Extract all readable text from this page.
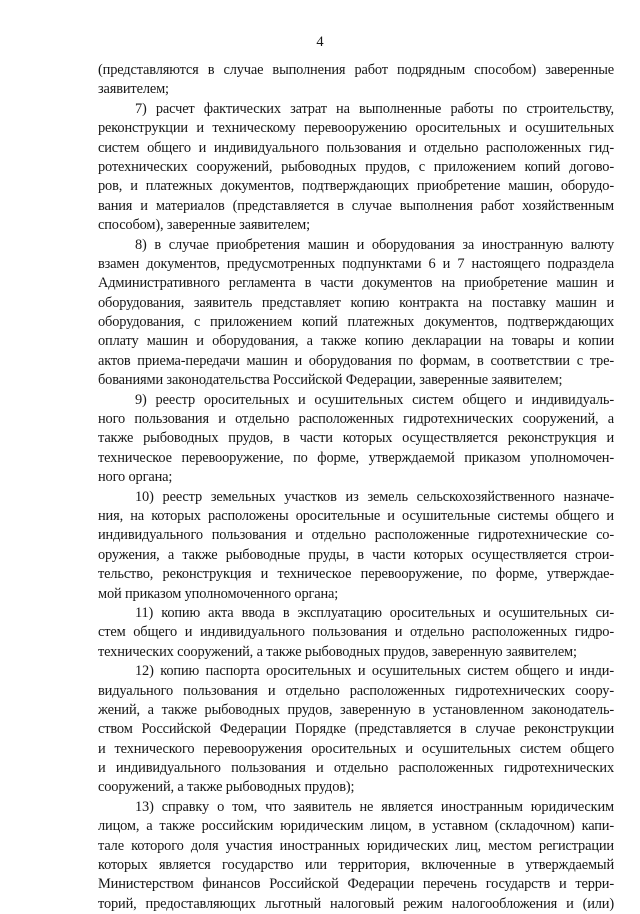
4
(представляются в случае выполнения работ подрядным способом) заверенные
заявителем;
7) расчет фактических затрат на выполненные работы по строительству,
реконструкции и техническому перевооружению оросительных и осушительных
систем общего и индивидуального пользования и отдельно расположенных гид-
ротехнических сооружений, рыбоводных прудов, с приложением копий догово-
ров, и платежных документов, подтверждающих приобретение машин, оборудо-
вания и материалов (представляется в случае выполнения работ хозяйственным
способом), заверенные заявителем;
8) в случае приобретения машин и оборудования за иностранную валюту
взамен документов, предусмотренных подпунктами 6 и 7 настоящего подраздела
Административного регламента в части документов на приобретение машин и
оборудования, заявитель представляет копию контракта на поставку машин и
оборудования, с приложением копий платежных документов, подтверждающих
оплату машин и оборудования, а также копию декларации на товары и копии
актов приема-передачи машин и оборудования по формам, в соответствии с тре-
бованиями законодательства Российской Федерации, заверенные заявителем;
9) реестр оросительных и осушительных систем общего и индивидуаль-
ного пользования и отдельно расположенных гидротехнических сооружений, а
также рыбоводных прудов, в части которых осуществляется реконструкция и
техническое перевооружение, по форме, утверждаемой приказом уполномочен-
ного органа;
10) реестр земельных участков из земель сельскохозяйственного назначе-
ния, на которых расположены оросительные и осушительные системы общего и
индивидуального пользования и отдельно расположенные гидротехнические со-
оружения, а также рыбоводные пруды, в части которых осуществляется строи-
тельство, реконструкция и техническое перевооружение, по форме, утверждае-
мой приказом уполномоченного органа;
11) копию акта ввода в эксплуатацию оросительных и осушительных си-
стем общего и индивидуального пользования и отдельно расположенных гидро-
технических сооружений, а также рыбоводных прудов, заверенную заявителем;
12) копию паспорта оросительных и осушительных систем общего и инди-
видуального пользования и отдельно расположенных гидротехнических соору-
жений, а также рыбоводных прудов, заверенную в установленном законодатель-
ством Российской Федерации Порядке (представляется в случае реконструкции
и технического перевооружения оросительных и осушительных систем общего
и индивидуального пользования и отдельно расположенных гидротехнических
сооружений, а также рыбоводных прудов);
13) справку о том, что заявитель не является иностранным юридическим
лицом, а также российским юридическим лицом, в уставном (складочном) капи-
тале которого доля участия иностранных юридических лиц, местом регистрации
которых является государство или территория, включенные в утверждаемый
Министерством финансов Российской Федерации перечень государств и терри-
торий, предоставляющих льготный налоговый режим налогообложения и (или)
